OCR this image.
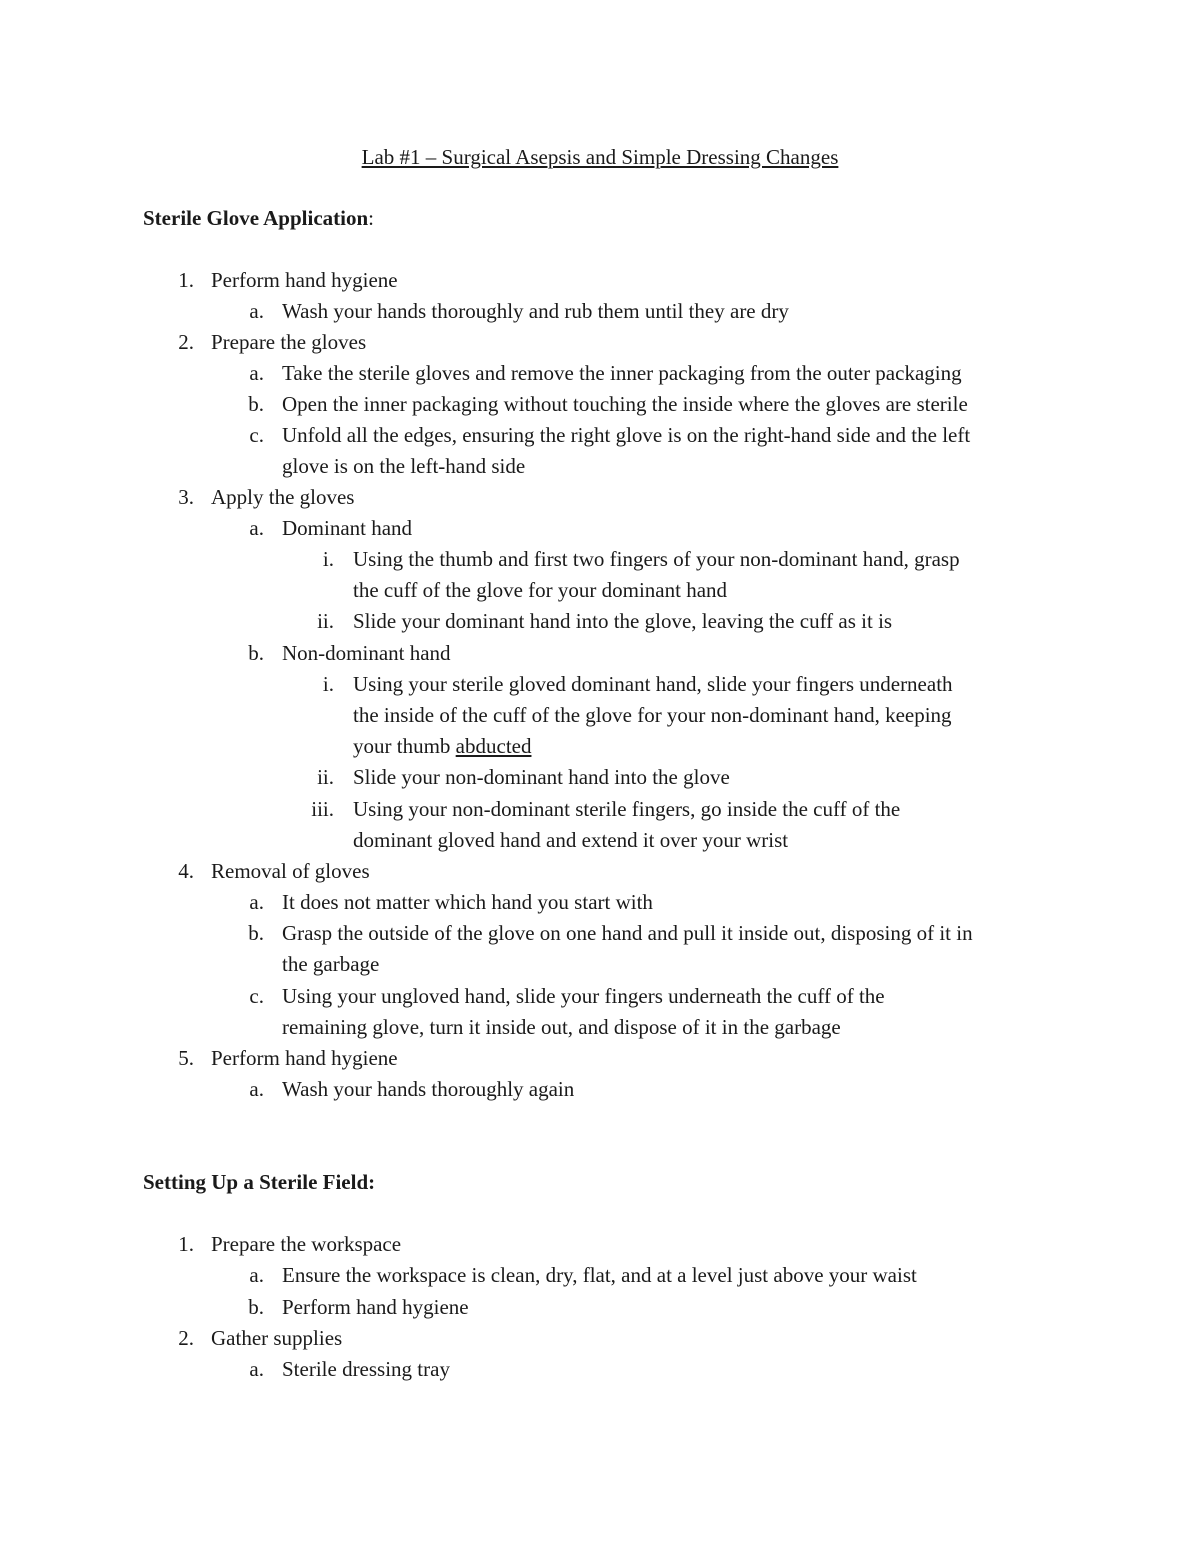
Lab #1 – Surgical Asepsis and Simple Dressing Changes
Sterile Glove Application:
1. Perform hand hygiene
a. Wash your hands thoroughly and rub them until they are dry
2. Prepare the gloves
a. Take the sterile gloves and remove the inner packaging from the outer packaging
b. Open the inner packaging without touching the inside where the gloves are sterile
c. Unfold all the edges, ensuring the right glove is on the right-hand side and the left
glove is on the left-hand side
3. Apply the gloves
a. Dominant hand
i. Using the thumb and first two fingers of your non-dominant hand, grasp
the cuff of the glove for your dominant hand
ii. Slide your dominant hand into the glove, leaving the cuff as it is
b. Non-dominant hand
i. Using your sterile gloved dominant hand, slide your fingers underneath
the inside of the cuff of the glove for your non-dominant hand, keeping
your thumb abducted
ii. Slide your non-dominant hand into the glove
iii. Using your non-dominant sterile fingers, go inside the cuff of the
dominant gloved hand and extend it over your wrist
4. Removal of gloves
a. It does not matter which hand you start with
b. Grasp the outside of the glove on one hand and pull it inside out, disposing of it in
the garbage
c. Using your ungloved hand, slide your fingers underneath the cuff of the
remaining glove, turn it inside out, and dispose of it in the garbage
5. Perform hand hygiene
a. Wash your hands thoroughly again
Setting Up a Sterile Field:
1. Prepare the workspace
a. Ensure the workspace is clean, dry, flat, and at a level just above your waist
b. Perform hand hygiene
2. Gather supplies
a. Sterile dressing tray
